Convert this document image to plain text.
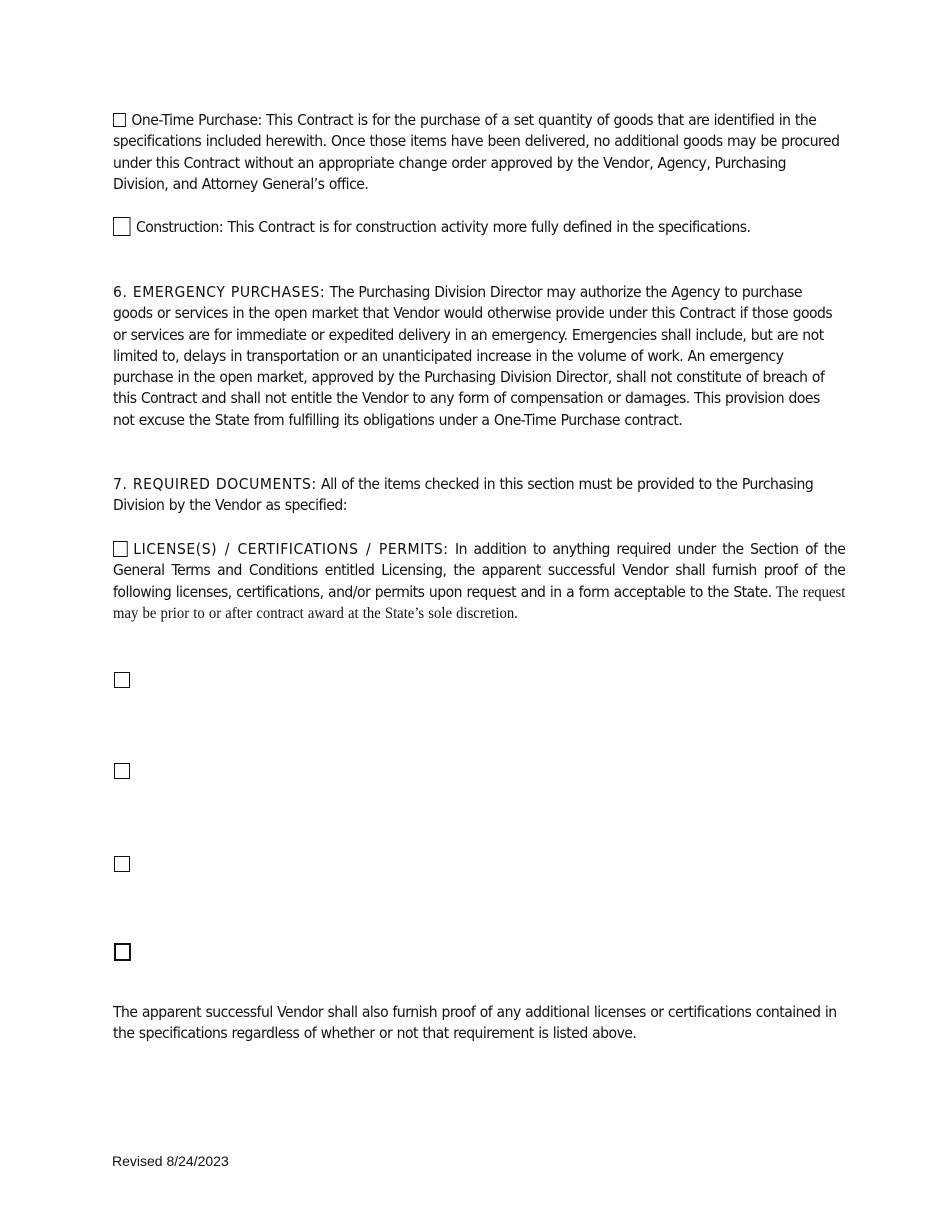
One-Time Purchase: This Contract is for the purchase of a set quantity of goods that are identified in the specifications included herewith. Once those items have been delivered, no additional goods may be procured under this Contract without an appropriate change order approved by the Vendor, Agency, Purchasing Division, and Attorney General’s office.
Construction: This Contract is for construction activity more fully defined in the specifications.
6. EMERGENCY PURCHASES: The Purchasing Division Director may authorize the Agency to purchase goods or services in the open market that Vendor would otherwise provide under this Contract if those goods or services are for immediate or expedited delivery in an emergency. Emergencies shall include, but are not limited to, delays in transportation or an unanticipated increase in the volume of work. An emergency purchase in the open market, approved by the Purchasing Division Director, shall not constitute of breach of this Contract and shall not entitle the Vendor to any form of compensation or damages. This provision does not excuse the State from fulfilling its obligations under a One-Time Purchase contract.
7. REQUIRED DOCUMENTS: All of the items checked in this section must be provided to the Purchasing Division by the Vendor as specified:
LICENSE(S) / CERTIFICATIONS / PERMITS: In addition to anything required under the Section of the General Terms and Conditions entitled Licensing, the apparent successful Vendor shall furnish proof of the following licenses, certifications, and/or permits upon request and in a form acceptable to the State. The request may be prior to or after contract award at the State’s sole discretion.
The apparent successful Vendor shall also furnish proof of any additional licenses or certifications contained in the specifications regardless of whether or not that requirement is listed above.
Revised 8/24/2023
